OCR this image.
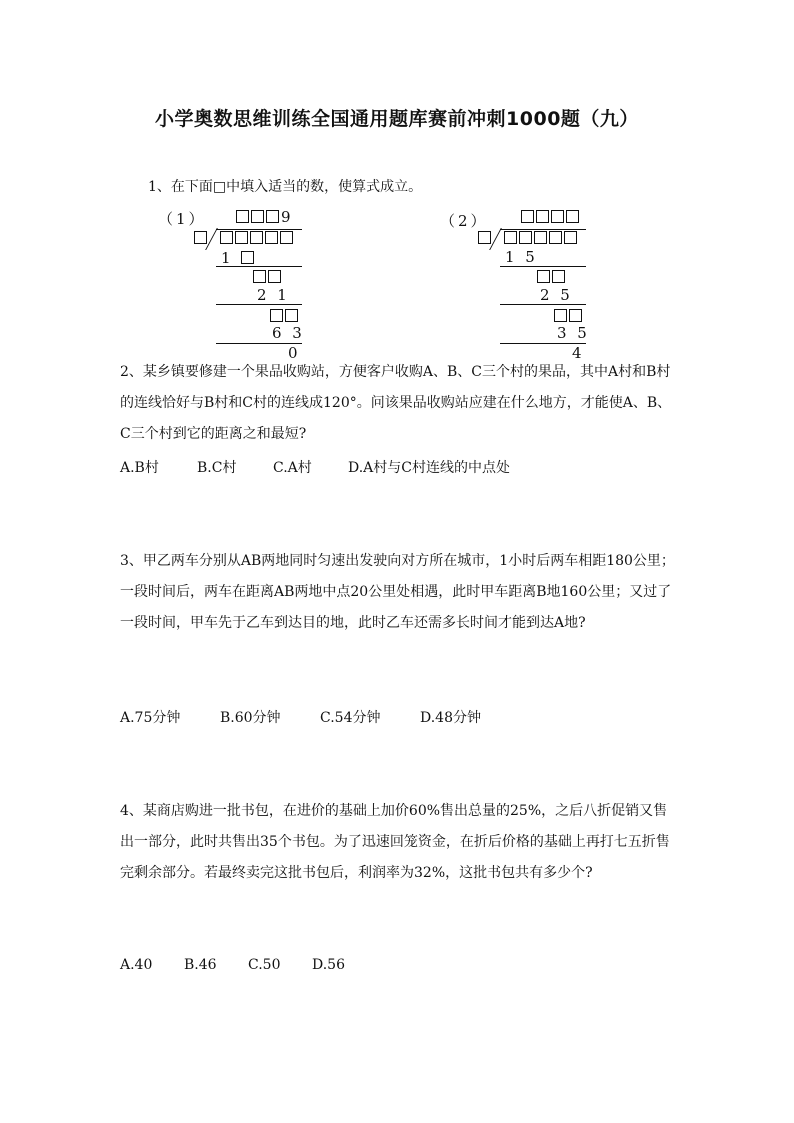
小学奥数思维训练全国通用题库赛前冲刺1000题（九）
1、在下面□中填入适当的数，使算式成立。
（1）	9
1
2 1
6 3
0
（2）
1 5
2 5
3 5
4
2、某乡镇要修建一个果品收购站，方便客户收购A、B、C三个村的果品，其中A村和B村的连线恰好与B村和C村的连线成120°。问该果品收购站应建在什么地方，才能使A、B、C三个村到它的距离之和最短?
A.B村	B.C村	C.A村	D.A村与C村连线的中点处
3、甲乙两车分别从AB两地同时匀速出发驶向对方所在城市，1小时后两车相距180公里；一段时间后，两车在距离AB两地中点20公里处相遇，此时甲车距离B地160公里；又过了一段时间，甲车先于乙车到达目的地，此时乙车还需多长时间才能到达A地?
A.75分钟	B.60分钟	C.54分钟	D.48分钟
4、某商店购进一批书包，在进价的基础上加价60%售出总量的25%，之后八折促销又售出一部分，此时共售出35个书包。为了迅速回笼资金，在折后价格的基础上再打七五折售完剩余部分。若最终卖完这批书包后，利润率为32%，这批书包共有多少个?
A.40 B.46 C.50 D.56
